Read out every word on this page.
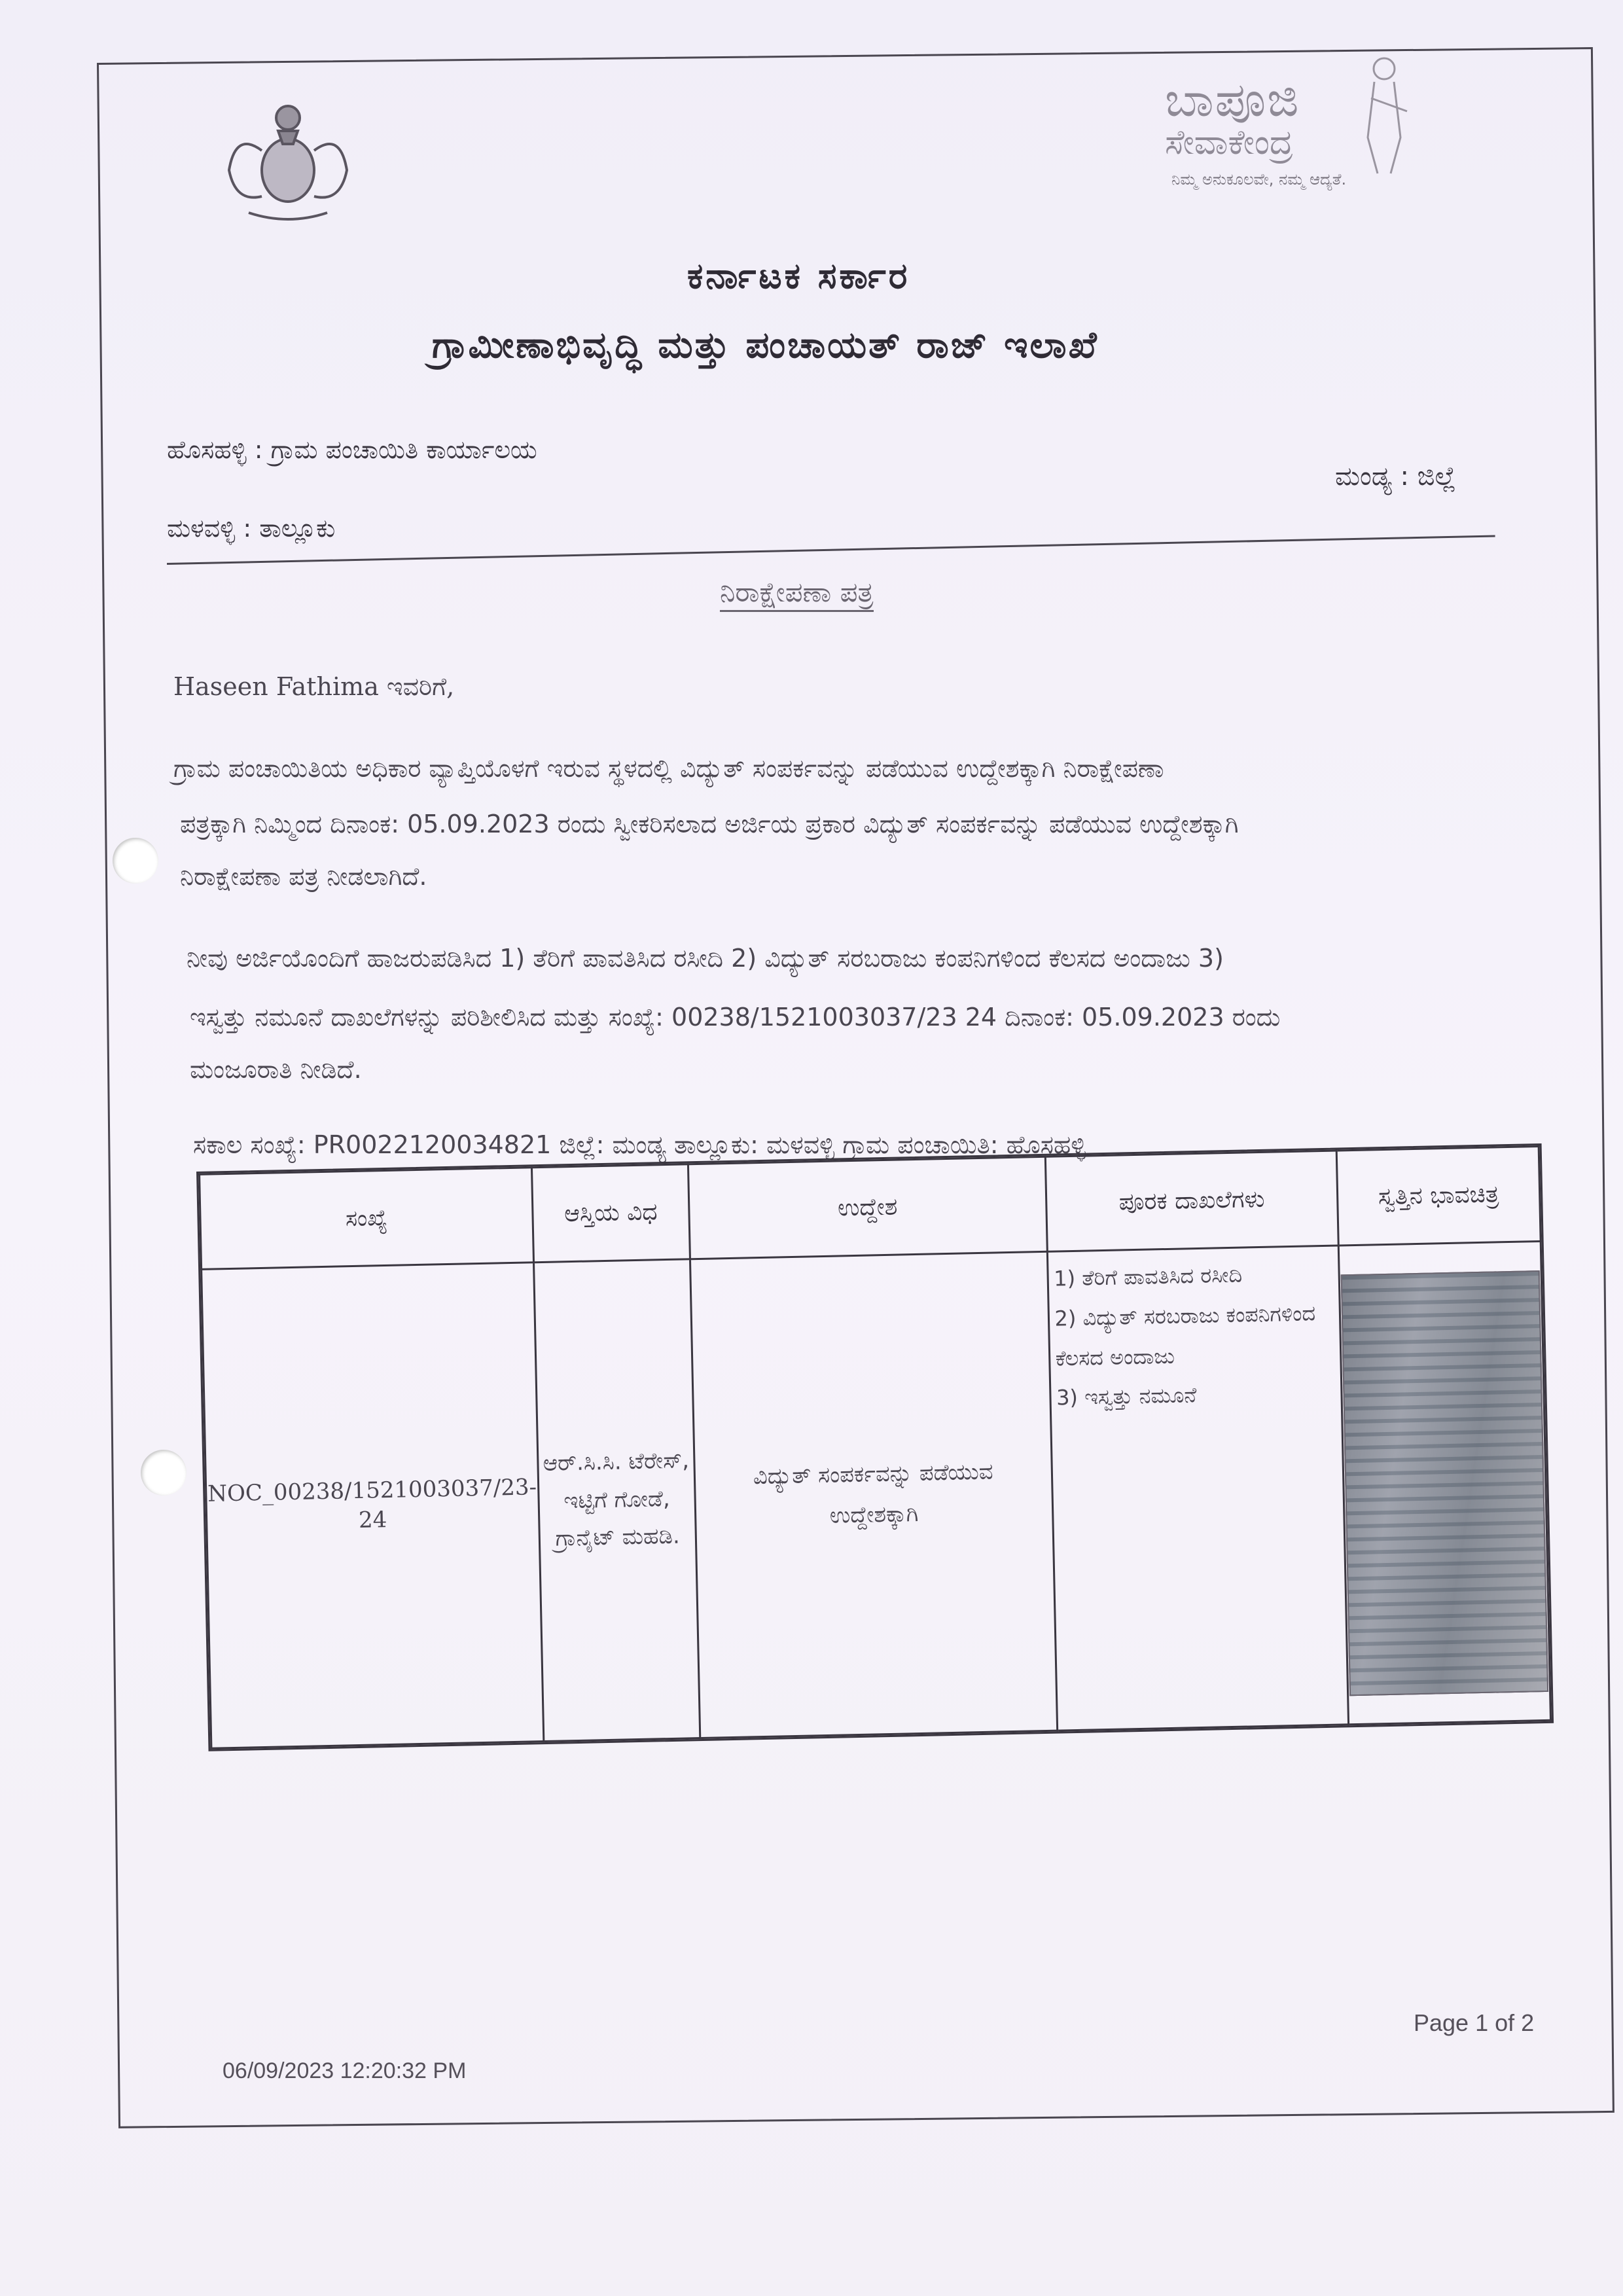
ಬಾಪೂಜಿ
ಸೇವಾಕೇಂದ್ರ
ನಿಮ್ಮ ಅನುಕೂಲವೇ, ನಮ್ಮ ಆದ್ಯತೆ.
ಕರ್ನಾಟಕ ಸರ್ಕಾರ
ಗ್ರಾಮೀಣಾಭಿವೃದ್ಧಿ ಮತ್ತು ಪಂಚಾಯತ್ ರಾಜ್ ಇಲಾಖೆ
ಹೊಸಹಳ್ಳಿ : ಗ್ರಾಮ ಪಂಚಾಯಿತಿ ಕಾರ್ಯಾಲಯ
ಮಂಡ್ಯ : ಜಿಲ್ಲೆ
ಮಳವಳ್ಳಿ : ತಾಲ್ಲೂಕು
ನಿರಾಕ್ಷೇಪಣಾ ಪತ್ರ
Haseen Fathima ಇವರಿಗೆ,
ಗ್ರಾಮ ಪಂಚಾಯಿತಿಯ ಅಧಿಕಾರ ವ್ಯಾಪ್ತಿಯೊಳಗೆ ಇರುವ ಸ್ಥಳದಲ್ಲಿ ವಿದ್ಯುತ್ ಸಂಪರ್ಕವನ್ನು ಪಡೆಯುವ ಉದ್ದೇಶಕ್ಕಾಗಿ ನಿರಾಕ್ಷೇಪಣಾ
ಪತ್ರಕ್ಕಾಗಿ ನಿಮ್ಮಿಂದ ದಿನಾಂಕ: 05.09.2023 ರಂದು ಸ್ವೀಕರಿಸಲಾದ ಅರ್ಜಿಯ ಪ್ರಕಾರ ವಿದ್ಯುತ್ ಸಂಪರ್ಕವನ್ನು ಪಡೆಯುವ ಉದ್ದೇಶಕ್ಕಾಗಿ
ನಿರಾಕ್ಷೇಪಣಾ ಪತ್ರ ನೀಡಲಾಗಿದೆ.
ನೀವು ಅರ್ಜಿಯೊಂದಿಗೆ ಹಾಜರುಪಡಿಸಿದ 1) ತೆರಿಗೆ ಪಾವತಿಸಿದ ರಸೀದಿ 2) ವಿದ್ಯುತ್ ಸರಬರಾಜು ಕಂಪನಿಗಳಿಂದ ಕೆಲಸದ ಅಂದಾಜು 3)
ಇಸ್ವತ್ತು ನಮೂನೆ ದಾಖಲೆಗಳನ್ನು ಪರಿಶೀಲಿಸಿದ ಮತ್ತು ಸಂಖ್ಯೆ: 00238/1521003037/23 24 ದಿನಾಂಕ: 05.09.2023 ರಂದು
ಮಂಜೂರಾತಿ ನೀಡಿದೆ.
ಸಕಾಲ ಸಂಖ್ಯೆ: PR0022120034821 ಜಿಲ್ಲೆ: ಮಂಡ್ಯ ತಾಲ್ಲೂಕು: ಮಳವಳ್ಳಿ ಗ್ರಾಮ ಪಂಚಾಯಿತಿ: ಹೊಸಹಳ್ಳಿ
ಸಂಖ್ಯೆ	ಆಸ್ತಿಯ ವಿಧ	ಉದ್ದೇಶ	ಪೂರಕ ದಾಖಲೆಗಳು	ಸ್ವತ್ತಿನ ಭಾವಚಿತ್ರ
NOC_00238/1521003037/23-24	ಆರ್.ಸಿ.ಸಿ. ಟೆರೇಸ್, ಇಟ್ಟಿಗೆ ಗೋಡೆ, ಗ್ರಾನೈಟ್ ಮಹಡಿ.	ವಿದ್ಯುತ್ ಸಂಪರ್ಕವನ್ನು ಪಡೆಯುವ ಉದ್ದೇಶಕ್ಕಾಗಿ	1) ತೆರಿಗೆ ಪಾವತಿಸಿದ ರಸೀದಿ
2) ವಿದ್ಯುತ್ ಸರಬರಾಜು ಕಂಪನಿಗಳಿಂದ ಕೆಲಸದ ಅಂದಾಜು
3) ಇಸ್ವತ್ತು ನಮೂನೆ	

Page 1 of 2
06/09/2023 12:20:32 PM
